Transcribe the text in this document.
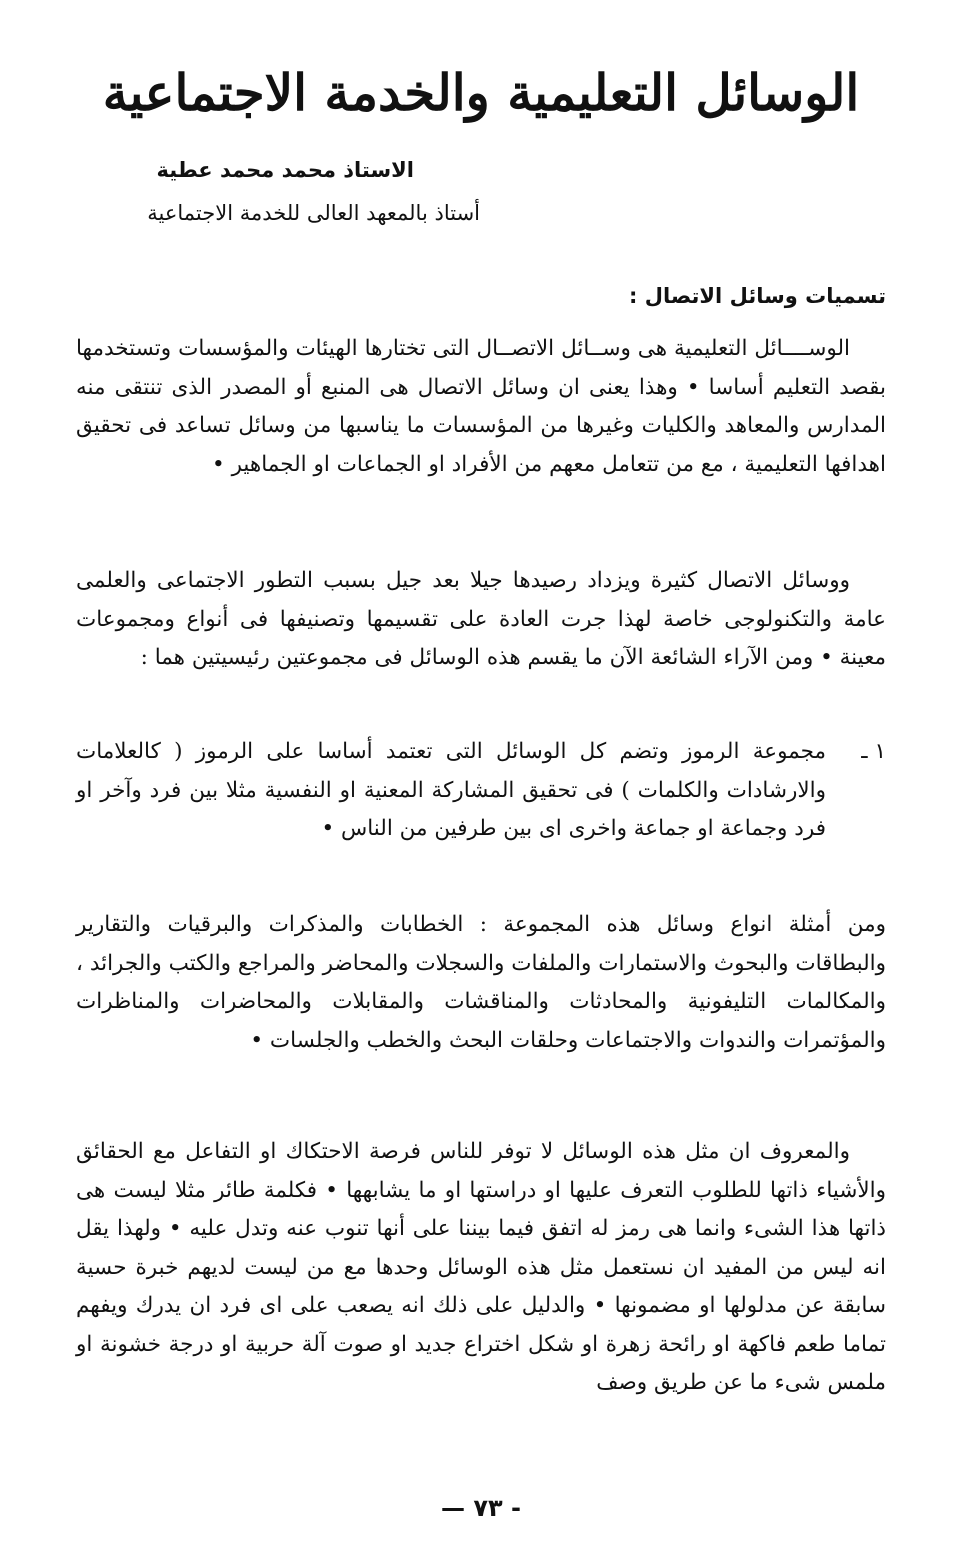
الوسائل التعليمية والخدمة الاجتماعية
الاستاذ محمد محمد عطية
أستاذ بالمعهد العالى للخدمة الاجتماعية
تسميات وسائل الاتصال :

الوســــائل التعليمية هى وســائل الاتصــال التى تختارها الهيئات والمؤسسات وتستخدمها بقصد التعليم أساسا • وهذا يعنى ان وسائل الاتصال هى المنبع أو المصدر الذى تنتقى منه المدارس والمعاهد والكليات وغيرها من المؤسسات ما يناسبها من وسائل تساعد فى تحقيق اهدافها التعليمية ، مع من تتعامل معهم من الأفراد او الجماعات او الجماهير •

ووسائل الاتصال كثيرة ويزداد رصيدها جيلا بعد جيل بسبب التطور الاجتماعى والعلمى عامة والتكنولوجى خاصة لهذا جرت العادة على تقسيمها وتصنيفها فى أنواع ومجموعات معينة • ومن الآراء الشائعة الآن ما يقسم هذه الوسائل فى مجموعتين رئيسيتين هما :

١ ـ

مجموعة الرموز وتضم كل الوسائل التى تعتمد أساسا على الرموز ( كالعلامات والارشادات والكلمات ) فى تحقيق المشاركة المعنية او النفسية مثلا بين فرد وآخر او فرد وجماعة او جماعة واخرى اى بين طرفين من الناس •

ومن أمثلة انواع وسائل هذه المجموعة : الخطابات والمذكرات والبرقيات والتقارير والبطاقات والبحوث والاستمارات والملفات والسجلات والمحاضر والمراجع والكتب والجرائد ، والمكالمات التليفونية والمحادثات والمناقشات والمقابلات والمحاضرات والمناظرات والمؤتمرات والندوات والاجتماعات وحلقات البحث والخطب والجلسات •

والمعروف ان مثل هذه الوسائل لا توفر للناس فرصة الاحتكاك او التفاعل مع الحقائق والأشياء ذاتها للطلوب التعرف عليها او دراستها او ما يشابهها • فكلمة طائر مثلا ليست هى ذاتها هذا الشىء وانما هى رمز له اتفق فيما بيننا على أنها تنوب عنه وتدل عليه • ولهذا يقل انه ليس من المفيد ان نستعمل مثل هذه الوسائل وحدها مع من ليست لديهم خبرة حسية سابقة عن مدلولها او مضمونها • والدليل على ذلك انه يصعب على اى فرد ان يدرك ويفهم تماما طعم فاكهة او رائحة زهرة او شكل اختراع جديد او صوت آلة حربية او درجة خشونة او ملمس شىء ما عن طريق وصف

— ٧٣ -
